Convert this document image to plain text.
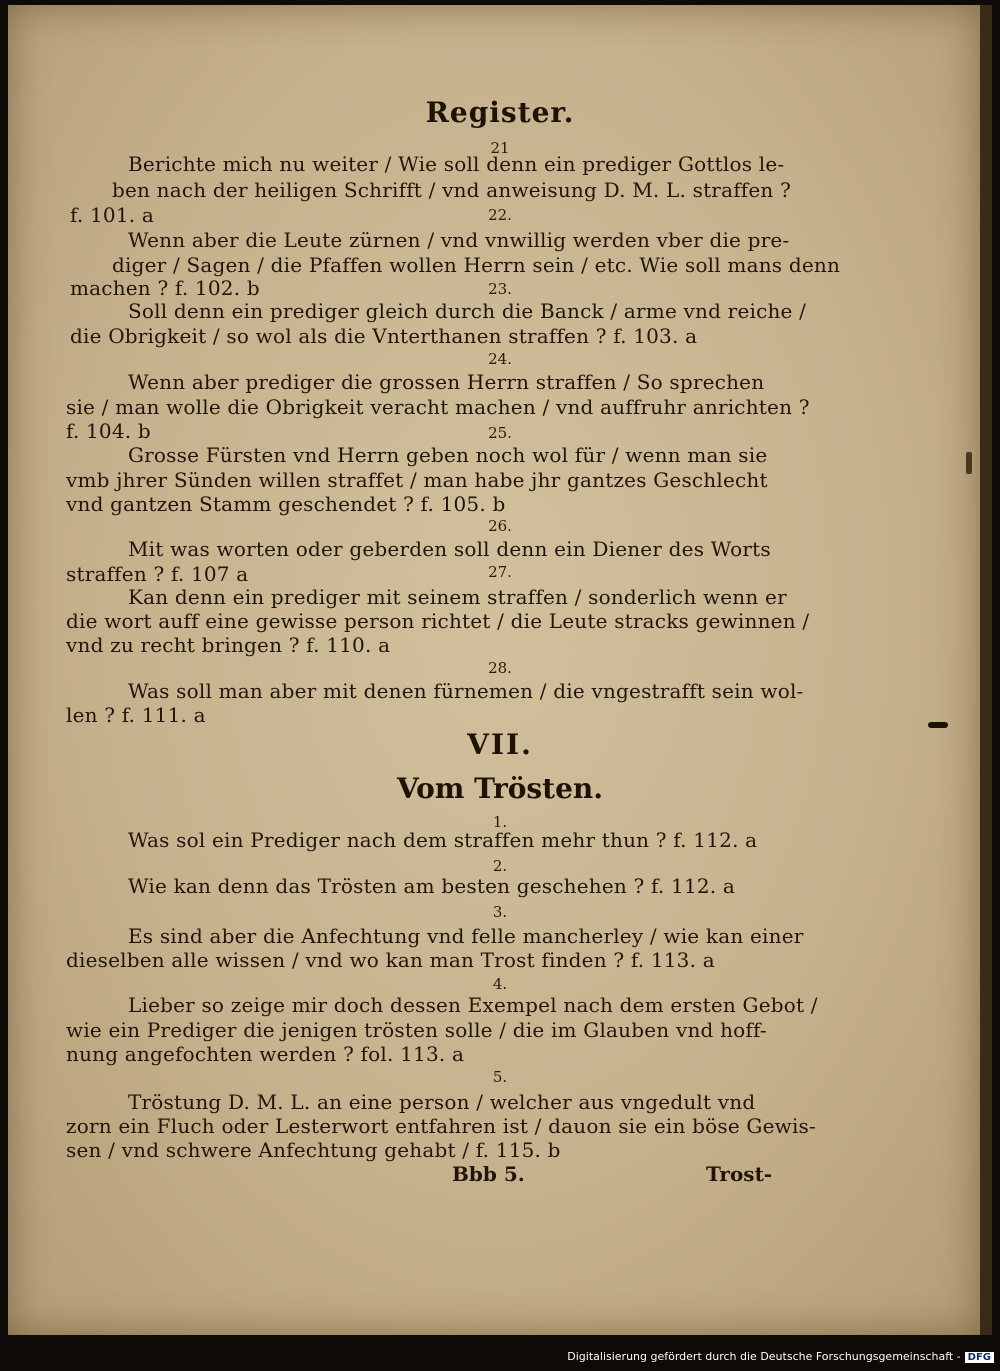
Register.
21
Berichte mich nu weiter / Wie soll denn ein prediger Gottlos le-
ben nach der heiligen Schrifft / vnd anweisung D. M. L. straffen ?
22.
f. 101. a
Wenn aber die Leute zürnen / vnd vnwillig werden vber die pre-
diger / Sagen / die Pfaffen wollen Herrn sein / etc. Wie soll mans denn
23.
machen ? f. 102. b
Soll denn ein prediger gleich durch die Banck / arme vnd reiche /
die Obrigkeit / so wol als die Vnterthanen straffen ? f. 103. a
24.
Wenn aber prediger die grossen Herrn straffen / So sprechen
sie / man wolle die Obrigkeit veracht machen / vnd auffruhr anrichten ?
25.
f. 104. b
Grosse Fürsten vnd Herrn geben noch wol für / wenn man sie
vmb jhrer Sünden willen straffet / man habe jhr gantzes Geschlecht
vnd gantzen Stamm geschendet ? f. 105. b
26.
Mit was worten oder geberden soll denn ein Diener des Worts
27.
straffen ? f. 107 a
Kan denn ein prediger mit seinem straffen / sonderlich wenn er
die wort auff eine gewisse person richtet / die Leute stracks gewinnen /
vnd zu recht bringen ? f. 110. a
28.
Was soll man aber mit denen fürnemen / die vngestrafft sein wol-
len ? f. 111. a
VII.
Vom Trösten.
1.
Was sol ein Prediger nach dem straffen mehr thun ? f. 112. a
2.
Wie kan denn das Trösten am besten geschehen ? f. 112. a
3.
Es sind aber die Anfechtung vnd felle mancherley / wie kan einer
dieselben alle wissen / vnd wo kan man Trost finden ? f. 113. a
4.
Lieber so zeige mir doch dessen Exempel nach dem ersten Gebot /
wie ein Prediger die jenigen trösten solle / die im Glauben vnd hoff-
nung angefochten werden ? fol. 113. a
5.
Tröstung D. M. L. an eine person / welcher aus vngedult vnd
zorn ein Fluch oder Lesterwort entfahren ist / dauon sie ein böse Gewis-
sen / vnd schwere Anfechtung gehabt / f. 115. b
Bbb 5.	Trost-
Digitalisierung gefördert durch die Deutsche Forschungsgemeinschaft - DFG
